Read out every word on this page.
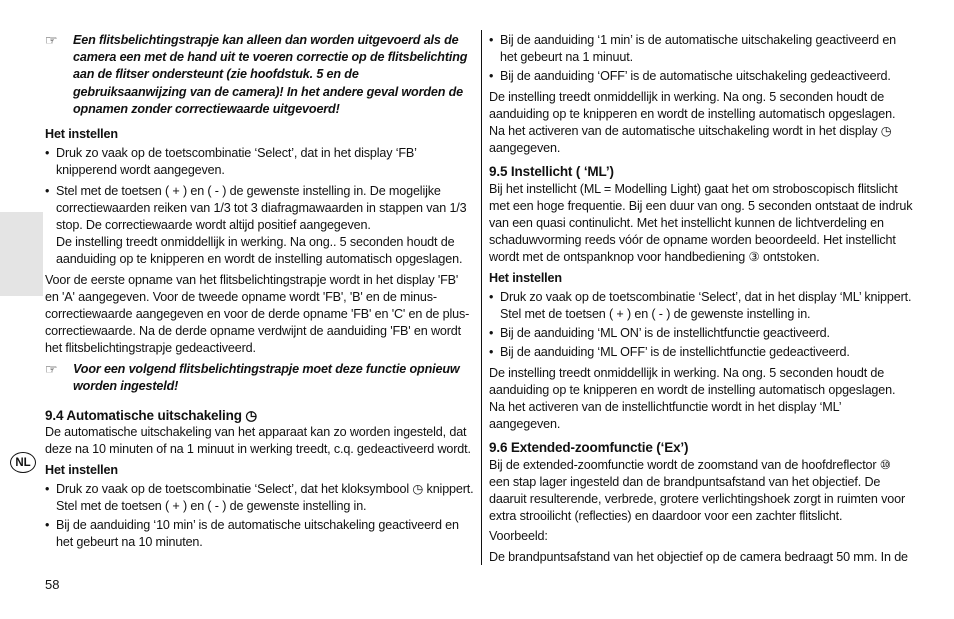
NL

☞ Een flitsbelichtingstrapje kan alleen dan worden uitgevoerd als de camera een met de hand uit te voeren correctie op de flitsbelichting aan de flitser ondersteunt (zie hoofdstuk. 5 en de gebruiksaanwijzing van de camera)! In het andere geval worden de opnamen zonder correctiewaarde uitgevoerd!

Het instellen

• Druk zo vaak op de toetscombinatie ‘Select’, dat in het display ‘FB’ knipperend wordt aangegeven.

• Stel met de toetsen ( + ) en ( - ) de gewenste instelling in. De mogelijke correctiewaarden reiken van 1/3 tot 3 diafragmawaarden in stappen van 1/3 stop. De correctiewaarde wordt altijd positief aangegeven.
De instelling treedt onmiddellijk in werking. Na ong.. 5 seconden houdt de aanduiding op te knipperen en wordt de instelling automatisch opgeslagen.

Voor de eerste opname van het flitsbelichtingstrapje wordt in het display 'FB' en 'A' aangegeven. Voor de tweede opname wordt 'FB', 'B' en de minus-correctiewaarde aangegeven en voor de derde opname 'FB' en 'C' en de plus-correctiewaarde. Na de derde opname verdwijnt de aanduiding 'FB' en wordt het flitsbelichtingstrapje gedeactiveerd.

☞ Voor een volgend flitsbelichtingstrapje moet deze functie opnieuw worden ingesteld!

9.4 Automatische uitschakeling ◷

De automatische uitschakeling van het apparaat kan zo worden ingesteld, dat deze na 10 minuten of na 1 minuut in werking treedt, c.q. gedeactiveerd wordt.

Het instellen

• Druk zo vaak op de toetscombinatie ‘Select’, dat het kloksymbool ◷ knippert. Stel met de toetsen ( + ) en ( - ) de gewenste instelling in.

• Bij de aanduiding ‘10 min’ is de automatische uitschakeling geactiveerd en het gebeurt na 10 minuten.

• Bij de aanduiding ‘1 min’ is de automatische uitschakeling geactiveerd en het gebeurt na 1 minuut.

• Bij de aanduiding ‘OFF’ is de automatische uitschakeling gedeactiveerd.

De instelling treedt onmiddellijk in werking. Na ong. 5 seconden houdt de aanduiding op te knipperen en wordt de instelling automatisch opgeslagen. Na het activeren van de automatische uitschakeling wordt in het display ◷ aangegeven.

9.5 Instellicht ( ‘ML’)

Bij het instellicht (ML = Modelling Light) gaat het om stroboscopisch flitslicht met een hoge frequentie. Bij een duur van ong. 5 seconden ontstaat de indruk van een quasi continulicht. Met het instellicht kunnen de lichtverdeling en schaduwvorming reeds vóór de opname worden beoordeeld. Het instellicht wordt met de ontspanknop voor handbediening ③ ontstoken.

Het instellen

• Druk zo vaak op de toetscombinatie ‘Select’, dat in het display ‘ML’ knippert. Stel met de toetsen ( + ) en ( - ) de gewenste instelling in.

• Bij de aanduiding ‘ML ON’ is de instellichtfunctie geactiveerd.

• Bij de aanduiding ‘ML OFF’ is de instellichtfunctie gedeactiveerd.

De instelling treedt onmiddellijk in werking. Na ong. 5 seconden houdt de aanduiding op te knipperen en wordt de instelling automatisch opgeslagen. Na het activeren van de instellichtfunctie wordt in het display ‘ML’ aangegeven.

9.6 Extended-zoomfunctie (‘Ex’)

Bij de extended-zoomfunctie wordt de zoomstand van de hoofdreflector ⑩ een stap lager ingesteld dan de brandpuntsafstand van het objectief. De daaruit resulterende, verbrede, grotere verlichtingshoek zorgt in ruimten voor extra strooilicht (reflecties) en daardoor voor een zachter flitslicht.

Voorbeeld:

De brandpuntsafstand van het objectief op de camera bedraagt 50 mm. In de

58
